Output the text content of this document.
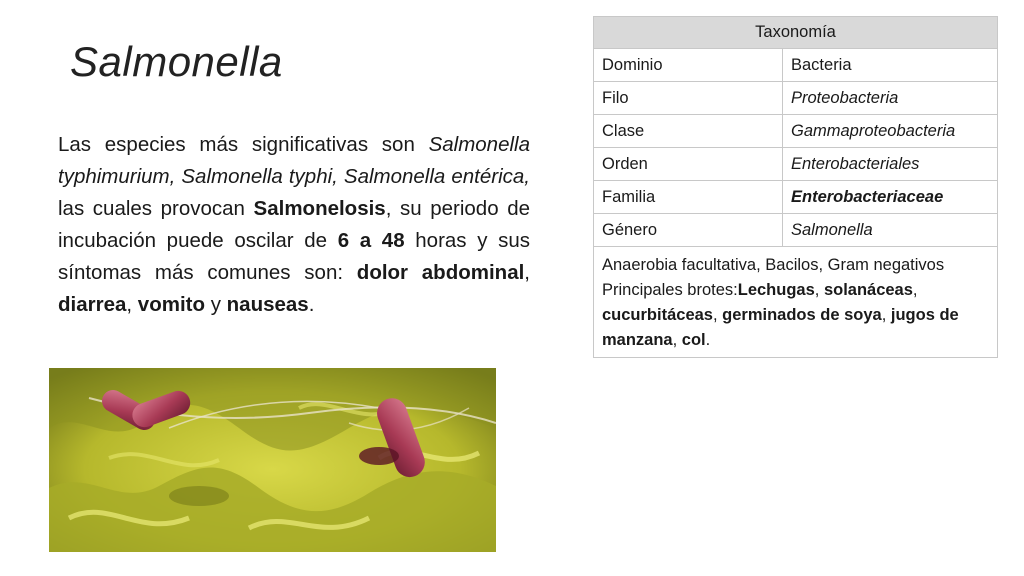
Salmonella
Las especies más significativas son Salmonella typhimurium, Salmonella typhi, Salmonella entérica, las cuales provocan Salmonelosis, su periodo de incubación puede oscilar de 6 a 48 horas y sus síntomas más comunes son: dolor abdominal, diarrea, vomito y nauseas.
Taxonomía	
Dominio	Bacteria
Filo	Proteobacteria
Clase	Gammaproteobacteria
Orden	Enterobacteriales
Familia	Enterobacteriaceae
Género	Salmonella
Anaerobia facultativa, Bacilos, Gram negativos
Principales brotes:Lechugas, solanáceas, cucurbitáceas, germinados de soya, jugos de manzana, col.	
